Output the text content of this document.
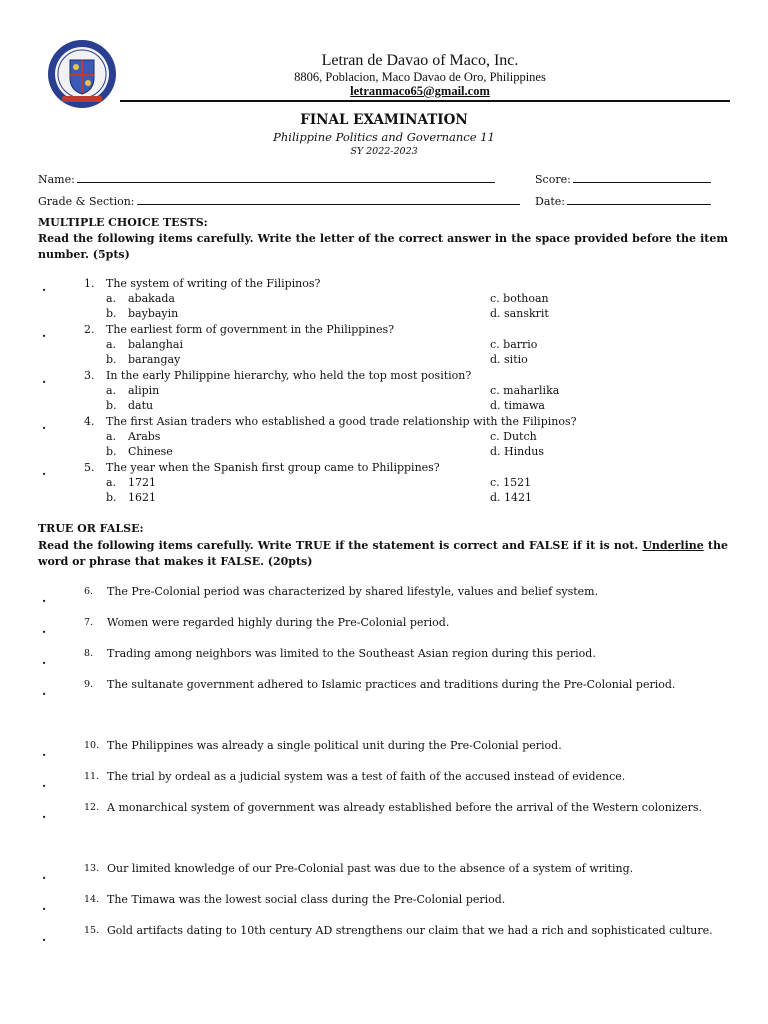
Letran de Davao of Maco, Inc.
8806, Poblacion, Maco Davao de Oro, Philippines
letranmaco65@gmail.com
FINAL EXAMINATION
Philippine Politics and Governance 11
SY 2022-2023
Name:	Score:
Grade & Section:	Date:
MULTIPLE CHOICE TESTS:
Read the following items carefully. Write the letter of the correct answer in the space provided before the item number. (5pts)
.	1. The system of writing of the Filipinos?
a. abakada
b. baybayin
c. bothoan
d. sanskrit
.	2. The earliest form of government in the Philippines?
a. balanghai
b. barangay
c. barrio
d. sitio
.	3. In the early Philippine hierarchy, who held the top most position?
a. alipin
b. datu
c. maharlika
d. timawa
.	4. The first Asian traders who established a good trade relationship with the Filipinos?
a. Arabs
b. Chinese
c. Dutch
d. Hindus
.	5. The year when the Spanish first group came to Philippines?
a. 1721
b. 1621
c. 1521
d. 1421
TRUE OR FALSE:
Read the following items carefully. Write TRUE if the statement is correct and FALSE if it is not. Underline the word or phrase that makes it FALSE. (20pts)
.	6. The Pre-Colonial period was characterized by shared lifestyle, values and belief system.
.	7. Women were regarded highly during the Pre-Colonial period.
.	8. Trading among neighbors was limited to the Southeast Asian region during this period.
.	9. The sultanate government adhered to Islamic practices and traditions during the Pre-Colonial period.
.	10. The Philippines was already a single political unit during the Pre-Colonial period.
.	11. The trial by ordeal as a judicial system was a test of faith of the accused instead of evidence.
.	12. A monarchical system of government was already established before the arrival of the Western colonizers.
.	13. Our limited knowledge of our Pre-Colonial past was due to the absence of a system of writing.
.	14. The Timawa was the lowest social class during the Pre-Colonial period.
.	15. Gold artifacts dating to 10th century AD strengthens our claim that we had a rich and sophisticated culture.
